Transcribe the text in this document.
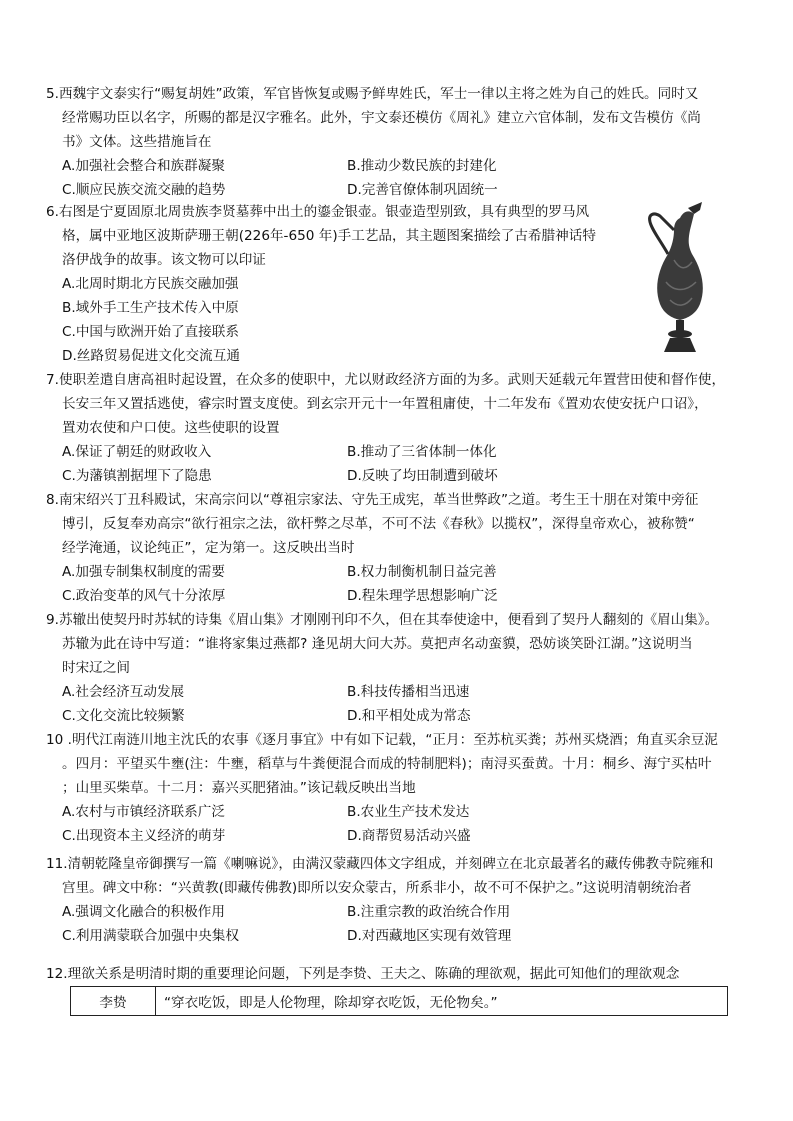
5.西魏宇文泰实行“赐复胡姓”政策，军官皆恢复或赐予鲜卑姓氏，军士一律以主将之姓为自己的姓氏。同时又

经常赐功臣以名字，所赐的都是汉字雅名。此外，宇文泰还模仿《周礼》建立六官体制，发布文告模仿《尚

书》文体。这些措施旨在

A.加强社会整合和族群凝聚	B.推动少数民族的封建化
C.顺应民族交流交融的趋势	D.完善官僚体制巩固统一

6.右图是宁夏固原北周贵族李贤墓葬中出土的鎏金银壶。银壶造型别致，具有典型的罗马风

格，属中亚地区波斯萨珊王朝(226年-650 年)手工艺品，其主题图案描绘了古希腊神话特

洛伊战争的故事。该文物可以印证

A.北周时期北方民族交融加强
B.域外手工生产技术传入中原
C.中国与欧洲开始了直接联系
D.丝路贸易促进文化交流互通

7.使职差遣自唐高祖时起设置，在众多的使职中，尤以财政经济方面的为多。武则天延载元年置营田使和督作使，

长安三年又置括逃使，睿宗时置支度使。到玄宗开元十一年置租庸使，十二年发布《置劝农使安抚户口诏》，

置劝农使和户口使。这些使职的设置

A.保证了朝廷的财政收入	B.推动了三省体制一体化
C.为藩镇割据埋下了隐患	D.反映了均田制遭到破坏

8.南宋绍兴丁丑科殿试，宋高宗问以“尊祖宗家法、守先王成宪，革当世弊政”之道。考生王十朋在对策中旁征

博引，反复奉劝高宗“欲行祖宗之法，欲杆弊之尽革，不可不法《春秋》以揽权”，深得皇帝欢心，被称赞“

经学淹通，议论纯正”，定为第一。这反映出当时

A.加强专制集权制度的需要	B.权力制衡机制日益完善
C.政治变革的风气十分浓厚	D.程朱理学思想影响广泛

9.苏辙出使契丹时苏轼的诗集《眉山集》才刚刚刊印不久，但在其奉使途中，便看到了契丹人翻刻的《眉山集》。

苏辙为此在诗中写道：“谁将家集过燕都? 逢见胡大问大苏。莫把声名动蛮貘，恐妨谈笑卧江湖。”这说明当

时宋辽之间

A.社会经济互动发展	B.科技传播相当迅速
C.文化交流比较频繁	D.和平相处成为常态

10 .明代江南涟川地主沈氏的农事《逐月事宜》中有如下记载，“正月：至苏杭买粪；苏州买烧酒；角直买余豆泥

。四月：平望买牛壅(注：牛壅，稻草与牛粪便混合而成的特制肥料)；南浔买蚕黄。十月：桐乡、海宁买枯叶

；山里买柴草。十二月：嘉兴买肥猪油。”该记载反映出当地

A.农村与市镇经济联系广泛	B.农业生产技术发达
C.出现资本主义经济的萌芽	D.商帮贸易活动兴盛

11.清朝乾隆皇帝御撰写一篇《喇嘛说》，由满汉蒙藏四体文字组成，并刻碑立在北京最著名的藏传佛教寺院雍和

宫里。碑文中称：“兴黄教(即藏传佛教)即所以安众蒙古，所系非小，故不可不保护之。”这说明清朝统治者

A.强调文化融合的积极作用	B.注重宗教的政治统合作用
C.利用满蒙联合加强中央集权	D.对西藏地区实现有效管理

12.理欲关系是明清时期的重要理论问题，下列是李贽、王夫之、陈确的理欲观，据此可知他们的理欲观念

李贽	“穿衣吃饭，即是人伦物理，除却穿衣吃饭，无伦物矣。”
